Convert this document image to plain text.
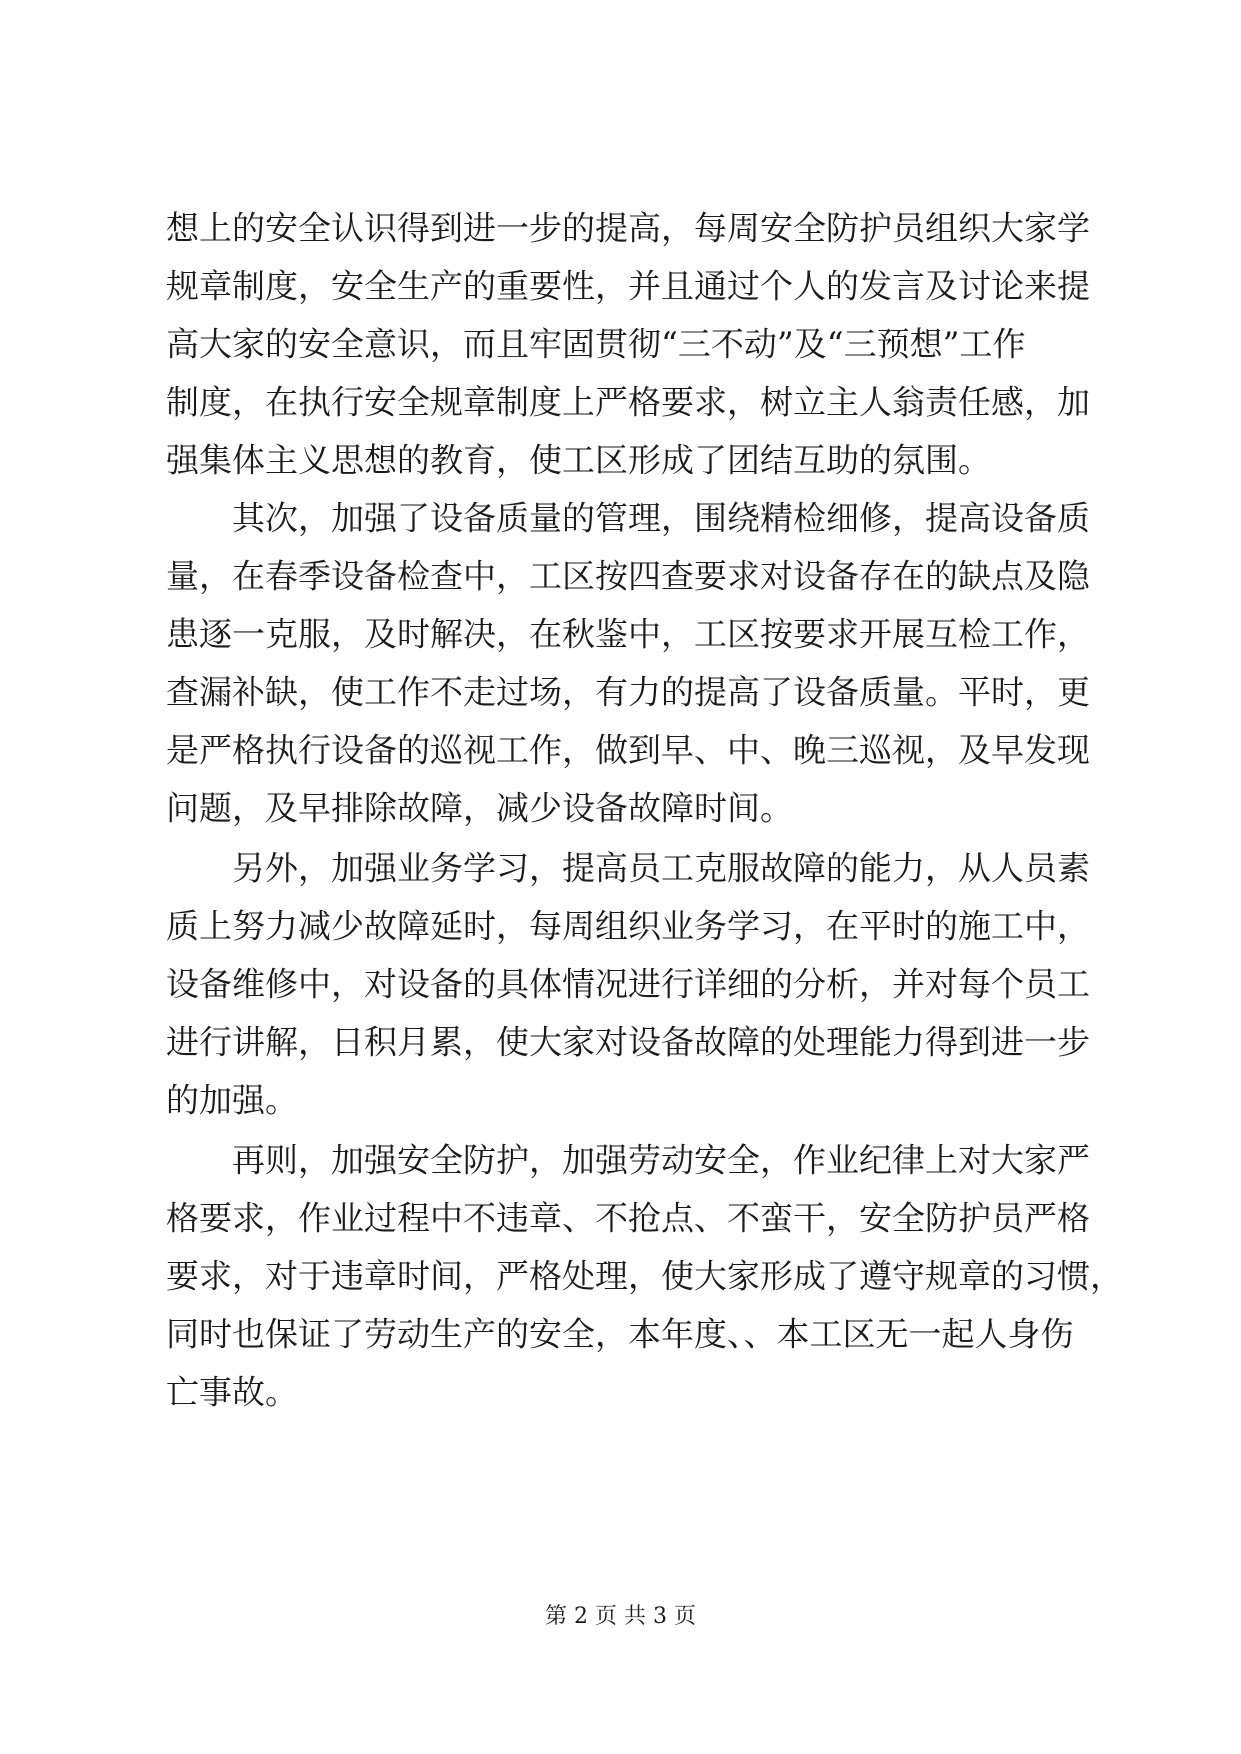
想上的安全认识得到进一步的提高，每周安全防护员组织大家学
规章制度，安全生产的重要性，并且通过个人的发言及讨论来提
高大家的安全意识，而且牢固贯彻“三不动”及“三预想”工作
制度，在执行安全规章制度上严格要求，树立主人翁责任感，加
强集体主义思想的教育，使工区形成了团结互助的氛围。
其次，加强了设备质量的管理，围绕精检细修，提高设备质
量，在春季设备检查中，工区按四查要求对设备存在的缺点及隐
患逐一克服，及时解决，在秋鉴中，工区按要求开展互检工作，
查漏补缺，使工作不走过场，有力的提高了设备质量。平时，更
是严格执行设备的巡视工作，做到早、中、晚三巡视，及早发现
问题，及早排除故障，减少设备故障时间。
另外，加强业务学习，提高员工克服故障的能力，从人员素
质上努力减少故障延时，每周组织业务学习，在平时的施工中，
设备维修中，对设备的具体情况进行详细的分析，并对每个员工
进行讲解，日积月累，使大家对设备故障的处理能力得到进一步
的加强。
再则，加强安全防护，加强劳动安全，作业纪律上对大家严
格要求，作业过程中不违章、不抢点、不蛮干，安全防护员严格
要求，对于违章时间，严格处理，使大家形成了遵守规章的习惯，
同时也保证了劳动生产的安全，本年度、、本工区无一起人身伤
亡事故。
第 2 页 共 3 页
